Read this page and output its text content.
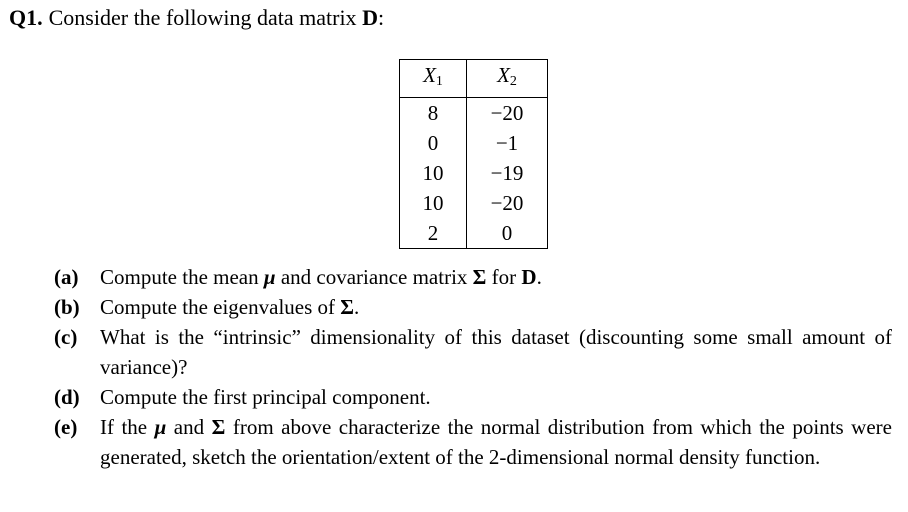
Q1. Consider the following data matrix D:
$X_1$	$X_2$
8	−20
0	−1
10	−19
10	−20
2	0
(a)	Compute the mean μ and covariance matrix Σ for D.
(b) Compute the eigenvalues of Σ.
(c)	What is the “intrinsic” dimensionality of this dataset (discounting some small amount of variance)?
(d) Compute the first principal component.
(e)	If the μ and Σ from above characterize the normal distribution from which the points were generated, sketch the orientation/extent of the 2-dimensional normal density function.
